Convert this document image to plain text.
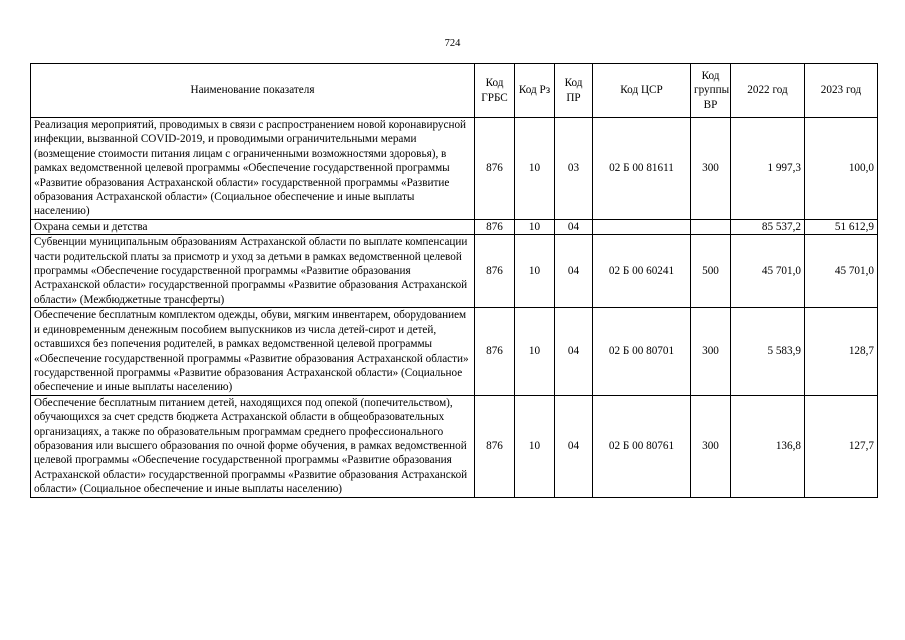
724
Наименование показателя	Код ГРБС	Код Рз	Код ПР	Код ЦСР	Код группы ВР	2022 год	2023 год
Реализация мероприятий, проводимых в связи с распространением новой коронавирусной инфекции, вызванной COVID-2019, и проводимыми ограничительными мерами (возмещение стоимости питания лицам с ограниченными возможностями здоровья), в рамках ведомственной целевой программы «Обеспечение государственной программы «Развитие образования Астраханской области» государственной программы «Развитие образования Астраханской области» (Социальное обеспечение и иные выплаты населению)	876	10	03	02 Б 00 81611	300	1 997,3	100,0
Охрана семьи и детства	876	10	04			85 537,2	51 612,9
Субвенции муниципальным образованиям Астраханской области по выплате компенсации части родительской платы за присмотр и уход за детьми в рамках ведомственной целевой программы «Обеспечение государственной программы «Развитие образования Астраханской области» государственной программы «Развитие образования Астраханской области» (Межбюджетные трансферты)	876	10	04	02 Б 00 60241	500	45 701,0	45 701,0
Обеспечение бесплатным комплектом одежды, обуви, мягким инвентарем, оборудованием и единовременным денежным пособием выпускников из числа детей-сирот и детей, оставшихся без попечения родителей, в рамках ведомственной целевой программы «Обеспечение государственной программы «Развитие образования Астраханской области» государственной программы «Развитие образования Астраханской области» (Социальное обеспечение и иные выплаты населению)	876	10	04	02 Б 00 80701	300	5 583,9	128,7
Обеспечение бесплатным питанием детей, находящихся под опекой (попечительством), обучающихся за счет средств бюджета Астраханской области в общеобразовательных организациях, а также по образовательным программам среднего профессионального образования или высшего образования по очной форме обучения, в рамках ведомственной целевой программы «Обеспечение государственной программы «Развитие образования Астраханской области» государственной программы «Развитие образования Астраханской области» (Социальное обеспечение и иные выплаты населению)	876	10	04	02 Б 00 80761	300	136,8	127,7
